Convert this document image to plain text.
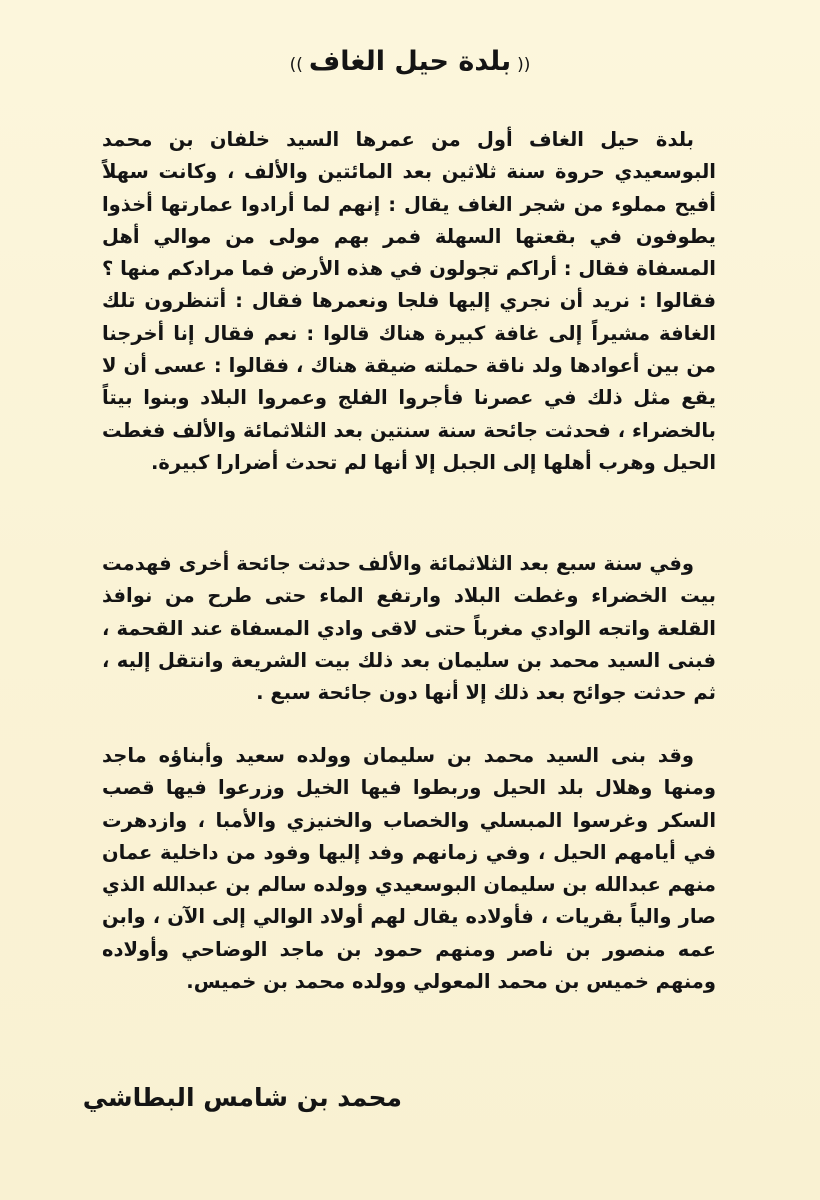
((بلدة حيل الغاف))

بلدة حيل الغاف أول من عمرها السيد خلفان بن محمد البوسعيدي حروة سنة ثلاثين بعد المائتين والألف ، وكانت سهلاً أفيح مملوء من شجر الغاف يقال : إنهم لما أرادوا عمارتها أخذوا يطوفون في بقعتها السهلة فمر بهم مولى من موالي أهل المسفاة فقال : أراكم تجولون في هذه الأرض فما مرادكم منها ؟ فقالوا : نريد أن نجري إليها فلجا ونعمرها فقال : أتنظرون تلك الغافة مشيراً إلى غافة كبيرة هناك قالوا : نعم فقال إنا أخرجنا من بين أعوادها ولد ناقة حملته ضيقة هناك ، فقالوا : عسى أن لا يقع مثل ذلك في عصرنا فأجروا الفلج وعمروا البلاد وبنوا بيتاً بالخضراء ، فحدثت جائحة سنة سنتين بعد الثلاثمائة والألف فغطت الحيل وهرب أهلها إلى الجبل إلا أنها لم تحدث أضرارا كبيرة.

وفي سنة سبع بعد الثلاثمائة والألف حدثت جائحة أخرى فهدمت بيت الخضراء وغطت البلاد وارتفع الماء حتى طرح من نوافذ القلعة واتجه الوادي مغرباً حتى لاقى وادي المسفاة عند القحمة ، فبنى السيد محمد بن سليمان بعد ذلك بيت الشريعة وانتقل إليه ، ثم حدثت جوائح بعد ذلك إلا أنها دون جائحة سبع .

وقد بنى السيد محمد بن سليمان وولده سعيد وأبناؤه ماجد ومنها وهلال بلد الحيل وربطوا فيها الخيل وزرعوا فيها قصب السكر وغرسوا المبسلي والخصاب والخنيزي والأمبا ، وازدهرت في أيامهم الحيل ، وفي زمانهم وفد إليها وفود من داخلية عمان منهم عبدالله بن سليمان البوسعيدي وولده سالم بن عبدالله الذي صار والياً بقريات ، فأولاده يقال لهم أولاد الوالي إلى الآن ، وابن عمه منصور بن ناصر ومنهم حمود بن ماجد الوضاحي وأولاده ومنهم خميس بن محمد المعولي وولده محمد بن خميس.

محمد بن شامس البطاشي
